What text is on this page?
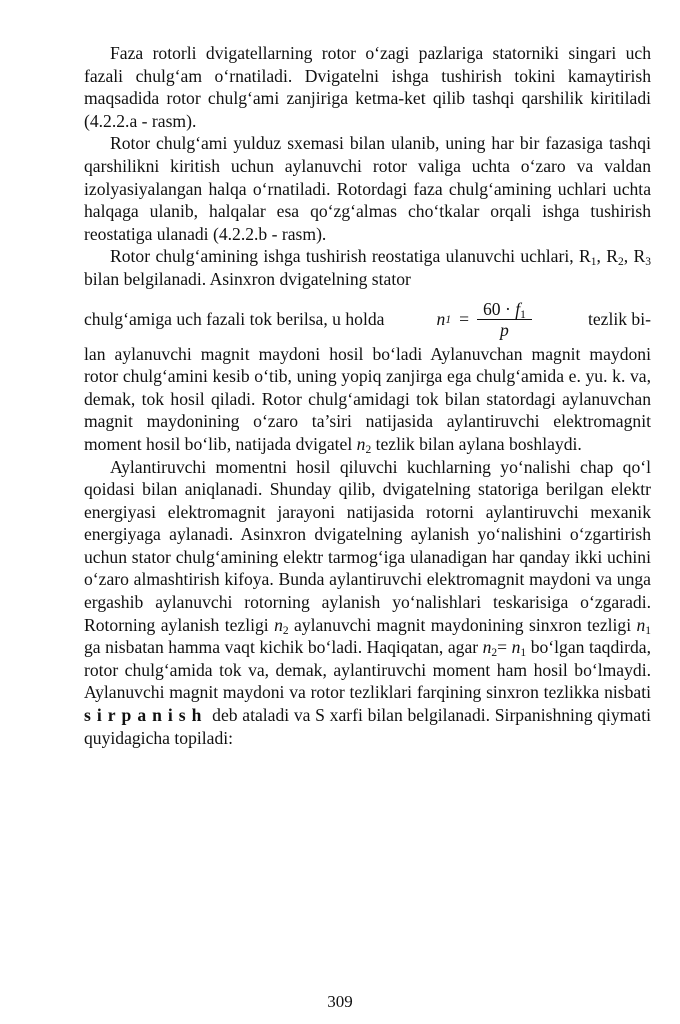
Faza rotorli dvigatellarning rotor o‘zagi pazlariga statorniki singari uch fazali chulg‘am o‘rnatiladi. Dvigatelni ishga tushirish tokini kamaytirish maqsadida rotor chulg‘ami zanjiriga ketma-ket qilib tashqi qarshilik kiritiladi (4.2.2.a - rasm).

Rotor chulg‘ami yulduz sxemasi bilan ulanib, uning har bir fazasiga tashqi qarshilikni kiritish uchun aylanuvchi rotor valiga uchta o‘zaro va valdan izolyasiyalangan halqa o‘rnatiladi. Rotordagi faza chulg‘amining uchlari uchta halqaga ulanib, halqalar esa qo‘zg‘almas cho‘tkalar orqali ishga tushirish reostatiga ulanadi (4.2.2.b - rasm).

Rotor chulg‘amining ishga tushirish reostatiga ulanuvchi uchlari, $R_1$, $R_2$, $R_3$ bilan belgilanadi. Asinxron dvigatelning stator

chulg‘amiga uch fazali tok berilsa, u holda	n $1 = \frac{60 \cdot f_1}{p}$	tezlik bi-

lan aylanuvchi magnit maydoni hosil bo‘ladi Aylanuvchan magnit maydoni rotor chulg‘amini kesib o‘tib, uning yopiq zanjirga ega chulg‘amida e. yu. k. va, demak, tok hosil qiladi. Rotor chulg‘amidagi tok bilan statordagi aylanuvchan magnit maydonining o‘zaro ta’siri natijasida aylantiruvchi elektromagnit moment hosil bo‘lib, natijada dvigatel $n_2$ tezlik bilan aylana boshlaydi.

Aylantiruvchi momentni hosil qiluvchi kuchlarning yo‘nalishi chap qo‘l qoidasi bilan aniqlanadi. Shunday qilib, dvigatelning statoriga berilgan elektr energiyasi elektromagnit jarayoni natijasida rotorni aylantiruvchi mexanik energiyaga aylanadi. Asinxron dvigatelning aylanish yo‘nalishini o‘zgartirish uchun stator chulg‘amining elektr tarmog‘iga ulanadigan har qanday ikki uchini o‘zaro almashtirish kifoya. Bunda aylantiruvchi elektromagnit maydoni va unga ergashib aylanuvchi rotorning aylanish yo‘nalishlari teskarisiga o‘zgaradi. Rotorning aylanish tezligi $n_2$ aylanuvchi magnit maydonining sinxron tezligi $n_1$ ga nisbatan hamma vaqt kichik bo‘ladi. Haqiqatan, agar $n_2= n_1$ bo‘lgan taqdirda, rotor chulg‘amida tok va, demak, aylantiruvchi moment ham hosil bo‘lmaydi. Aylanuvchi magnit maydoni va rotor tezliklari farqining sinxron tezlikka nisbati sirpanish deb ataladi va S xarfi bilan belgilanadi. Sirpanishning qiymati quyidagicha topiladi:

309
